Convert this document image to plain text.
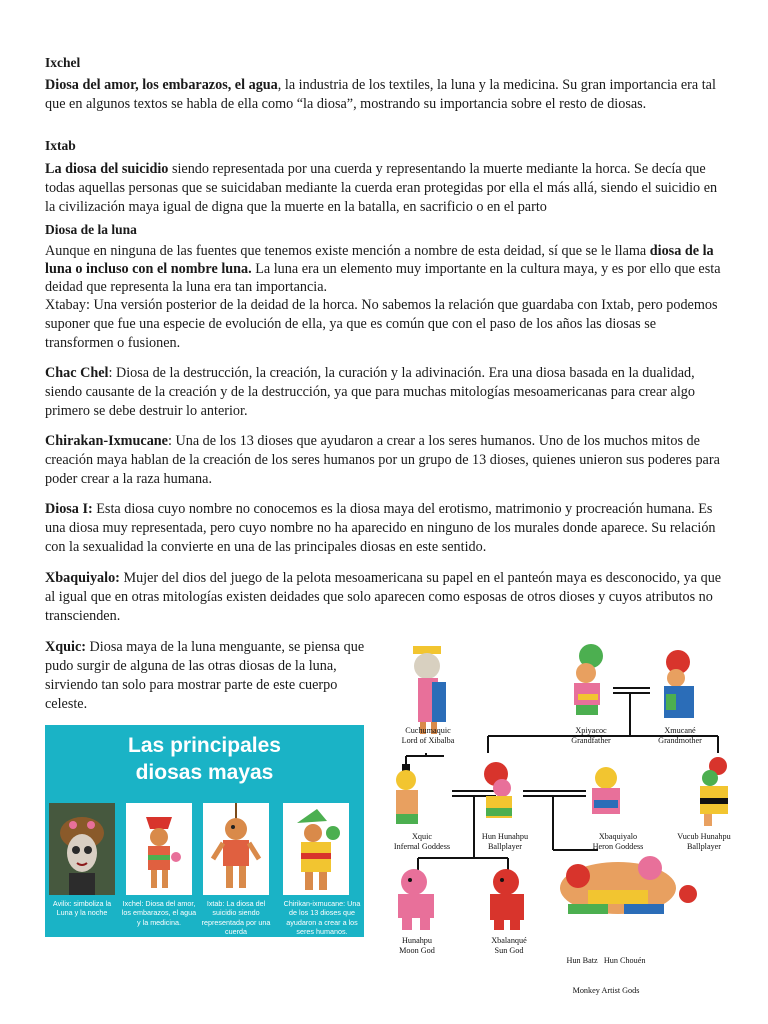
Ixchel
Diosa del amor, los embarazos, el agua, la industria de los textiles, la luna y la medicina. Su gran importancia era tal que en algunos textos se habla de ella como “la diosa”, mostrando su importancia sobre el resto de diosas.
Ixtab
La diosa del suicidio siendo representada por una cuerda y representando la muerte mediante la horca. Se decía que todas aquellas personas que se suicidaban mediante la cuerda eran protegidas por ella el más allá, siendo el suicidio en la civilización maya igual de digna que la muerte en la batalla, en sacrificio o en el parto
Diosa de la luna
Aunque en ninguna de las fuentes que tenemos existe mención a nombre de esta deidad, sí que se le llama diosa de la luna o incluso con el nombre luna. La luna era un elemento muy importante en la cultura maya, y es por ello que esta deidad que representa la luna era tan importancia.
Xtabay: Una versión posterior de la deidad de la horca. No sabemos la relación que guardaba con Ixtab, pero podemos suponer que fue una especie de evolución de ella, ya que es común que con el paso de los años las diosas se transformen o fusionen.
Chac Chel: Diosa de la destrucción, la creación, la curación y la adivinación. Era una diosa basada en la dualidad, siendo causante de la creación y de la destrucción, ya que para muchas mitologías mesoamericanas para crear algo primero se debe destruir lo anterior.
Chirakan-Ixmucane: Una de los 13 dioses que ayudaron a crear a los seres humanos. Uno de los muchos mitos de creación maya hablan de la creación de los seres humanos por un grupo de 13 dioses, quienes unieron sus poderes para poder crear a la raza humana.
Diosa I: Esta diosa cuyo nombre no conocemos es la diosa maya del erotismo, matrimonio y procreación humana. Es una diosa muy representada, pero cuyo nombre no ha aparecido en ninguno de los murales donde aparece. Su relación con la sexualidad la convierte en una de las principales diosas en este sentido.
Xbaquiyalo: Mujer del dios del juego de la pelota mesoamericana su papel en el panteón maya es desconocido, ya que al igual que en otras mitologías existen deidades que solo aparecen como esposas de otros dioses y cuyos atributos no transcienden.
Xquic: Diosa maya de la luna menguante, se piensa que pudo surgir de alguna de las otras diosas de la luna, sirviendo tan solo para mostrar parte de este cuerpo celeste.
Las principales
diosas mayas
Avilix: simboliza la Luna y la noche
Ixchel: Diosa del amor, los embarazos, el agua y la medicina.
Ixtab: La diosa del suicidio siendo representada por una cuerda
Chirikan-ixmucane: Una de los 13 dioses que ayudaron a crear a los seres humanos.
Cuchumaquic
Lord of Xibalba
Xpiyacoc
Grandfather
Xmucané
Grandmother
Xquic
Infernal Goddess
Hun Hunahpu
Ballplayer
Xbaquiyalo
Heron Goddess
Vucub Hunahpu
Ballplayer
Hunahpu
Moon God
Xbalanqué
Sun God

Hun Batz   Hun Chouén

Monkey Artist Gods
